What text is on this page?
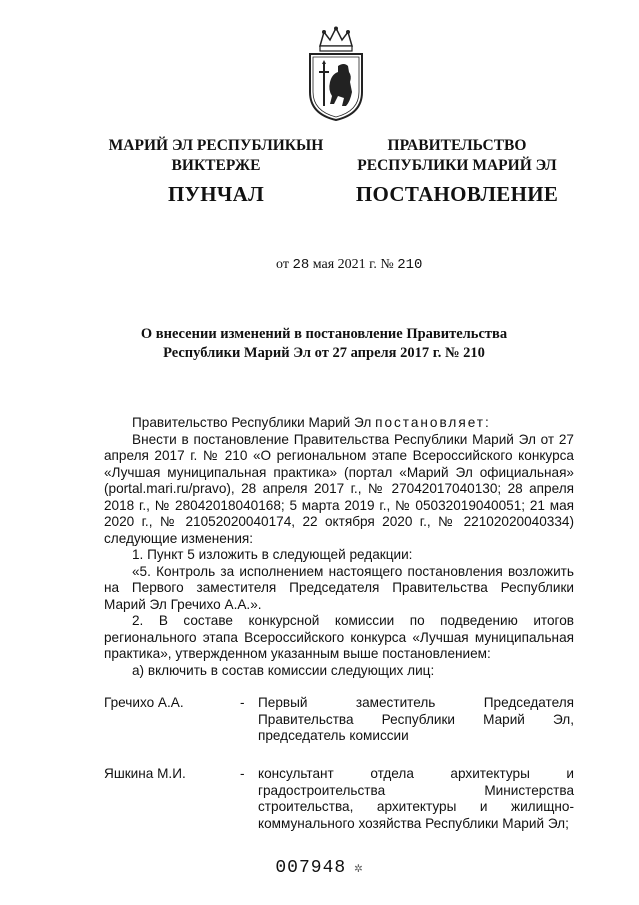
МАРИЙ ЭЛ РЕСПУБЛИКЫН
ВИКТЕРЖЕ
ПУНЧАЛ
ПРАВИТЕЛЬСТВО
РЕСПУБЛИКИ МАРИЙ ЭЛ
ПОСТАНОВЛЕНИЕ
от 28 мая 2021 г. № 210
О внесении изменений в постановление Правительства
Республики Марий Эл от 27 апреля 2017 г. № 210

Правительство Республики Марий Эл постановляет:

Внести в постановление Правительства Республики Марий Эл от 27 апреля 2017 г. № 210 «О региональном этапе Всероссийского конкурса «Лучшая муниципальная практика» (портал «Марий Эл официальная» (portal.mari.ru/pravo), 28 апреля 2017 г., № 27042017040130; 28 апреля 2018 г., № 28042018040168; 5 марта 2019 г., № 05032019040051; 21 мая 2020 г., № 21052020040174, 22 октября 2020 г., № 22102020040334) следующие изменения:

1. Пункт 5 изложить в следующей редакции:

«5. Контроль за исполнением настоящего постановления возложить на Первого заместителя Председателя Правительства Республики Марий Эл Гречихо А.А.».

2. В составе конкурсной комиссии по подведению итогов регионального этапа Всероссийского конкурса «Лучшая муниципальная практика», утвержденном указанным выше постановлением:

а) включить в состав комиссии следующих лиц:

Гречихо А.А.	- Первый заместитель Председателя Правительства Республики Марий Эл, председатель комиссии
Яшкина М.И.	- консультант отдела архитектуры и градостроительства Министерства строительства, архитектуры и жилищно-коммунального хозяйства Республики Марий Эл;
007948 ✲
